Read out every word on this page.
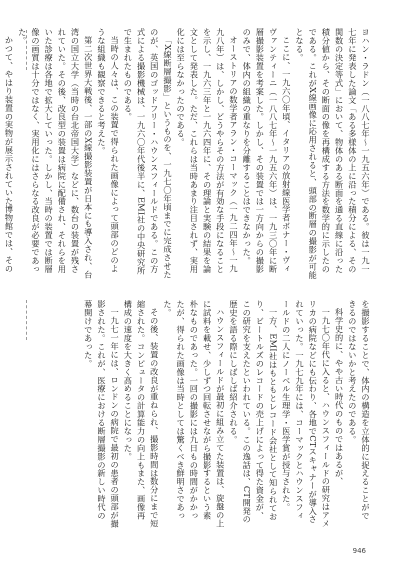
ヨハン・ラドン（一八八七年〜一九五六年）である。彼は一九一七年に発表した論文「ある多様体の上に沿った積分による、その関数の決定等式」において、物体のある断面を通る直線に沿った積分値から、その断面の像を再構成する方法を数学的に示したのである。これがX線画像に応用されると、頭部の断層の撮影が可能となる。

ここに、一九六〇年頃、イタリアの放射線医学者ボナー・ヴィヴァンティーニ（一八八七年〜一九五六年）は、一九三〇年に断層撮影装置を考案した。しかし、その装置では一方向からの撮影のみで、体内の組織の重なりを分離することはできなかった。

オーストリアの数学者アラン・コーマック（一九二四年〜一九九八年）は、しかし、どうやらその方法が有効な手段になることを示し、一九六三年と一九六四年に、その理論と実験の結果を論文として発表した。ただ、これらは当時あまり注目されず、実用化には至らなかったのである。

「X線断層撮影」というものを、一九七〇年頃までに完成させたのが、英国のゴッドフリー・ハウンスフィールドである。この方式による撮影機械は、一九六〇年代後半に、EMI社の中央研究所で生まれたものである。

当時の人々は、この装置で得られた画像によって頭部のどのような組織も観察できると考えた。

第二次世界大戦後、一部のX線撮影装置が日本にも導入され、台湾の国立大学（当時の台北帝国大学）などに、数台の装置が残されていた。その後、改良型の装置は病院に配備され、それらを用いた診療は各地で拡大していった。しかし、当時の装置では断層像の画質は十分ではなく、実用化にはさらなる改良が必要であった。

かつて、やはり装置の実物が展示されていた博物館では、その

を撮影することで、体内の構造を立体的に捉えることができるのではないかと考えたのである。

科学史的に、やや古い時代のものではあるが、

一九七〇年代に入ると、ハウンスフィールドの研究はアメリカの病院などにも伝わり、各地でCTスキャナーが導入されていった。一九七九年には、コーマックとハウンスフィールドの二人にノーベル生理学・医学賞が授与された。

一方、EMI社はもともとレコード会社として知られており、ビートルズのレコードの売上げによって得た資金が、この研究を支えたといわれている。この逸話は、CT開発の歴史を語る際にしばしば紹介される。

ハウンスフィールドが最初に組み立てた装置は、旋盤の上に試料を載せ、少しずつ回転させながら撮影するという素朴なものであった。一回の撮影には九日もの時間がかかったが、得られた画像は当時としては驚くべき鮮明さであった。

その後、装置の改良が重ねられ、撮影時間は数分にまで短縮された。コンピュータの計算能力の向上もまた、画像再構成の速度を大きく高めることになった。

一九七一年には、ロンドンの病院で最初の患者の頭部が撮影された。これが、医療における断層撮影の新しい時代の幕開けであった。

946
